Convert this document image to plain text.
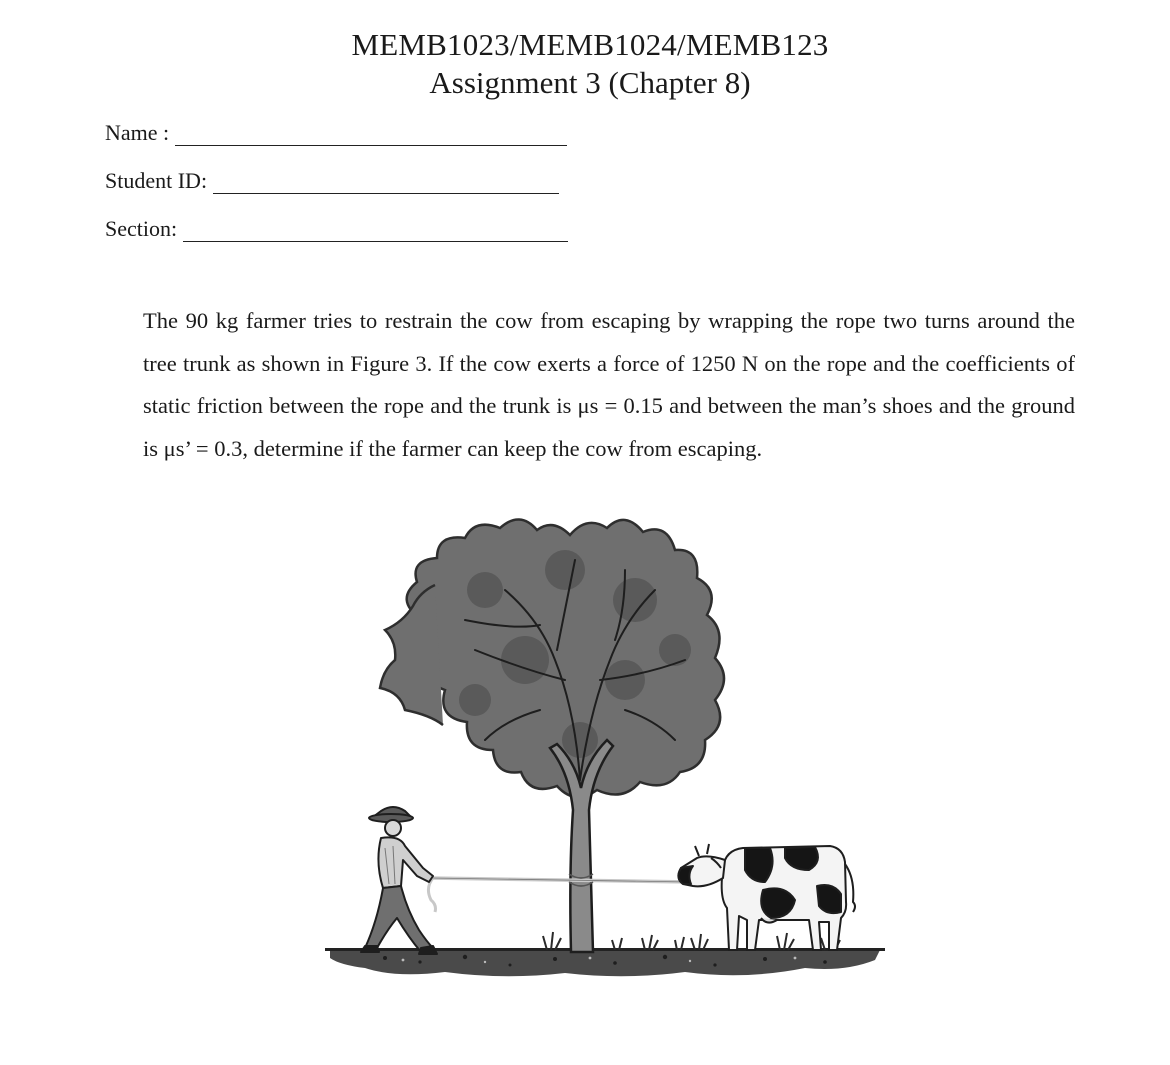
MEMB1023/MEMB1024/MEMB123
Assignment 3 (Chapter 8)
Name :
Student ID:
Section:
The 90 kg farmer tries to restrain the cow from escaping by wrapping the rope two turns around the tree trunk as shown in Figure 3. If the cow exerts a force of 1250 N on the rope and the coefficients of static friction between the rope and the trunk is μs = 0.15 and between the man’s shoes and the ground is μs’ = 0.3, determine if the farmer can keep the cow from escaping.
